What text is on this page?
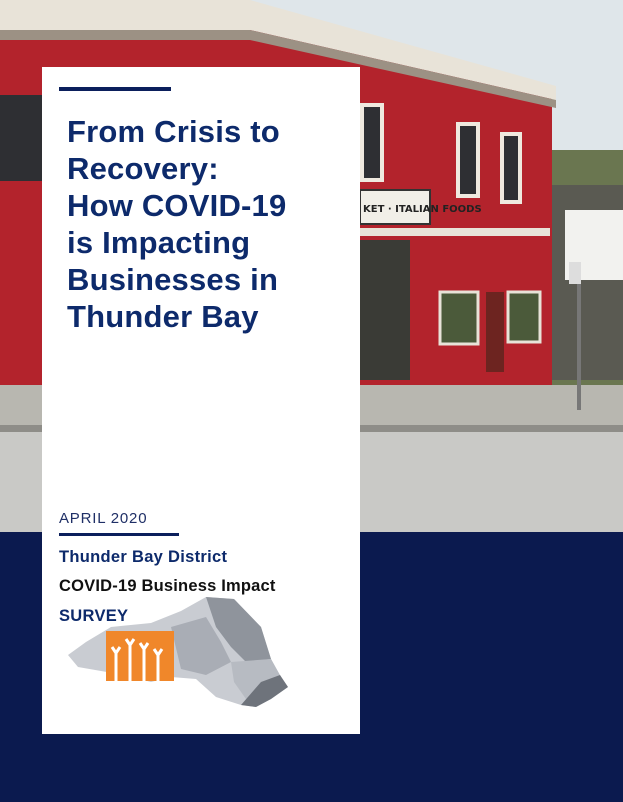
KET · ITALIAN FOODS
From Crisis to
Recovery:
How COVID-19
is Impacting
Businesses in
Thunder Bay
APRIL 2020
Thunder Bay District
COVID-19 Business Impact
SURVEY
